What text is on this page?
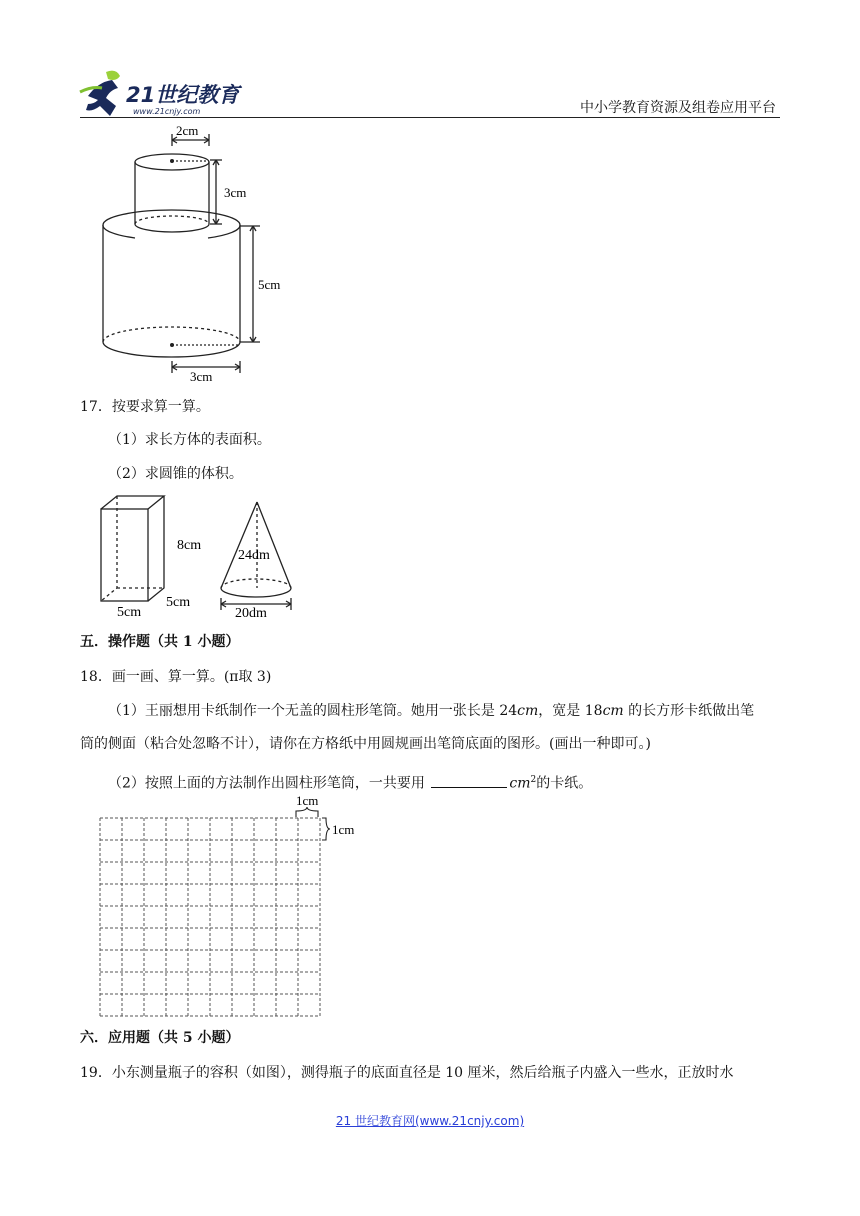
21世纪教育
www.21cnjy.com	中小学教育资源及组卷应用平台
2cm
3cm
5cm
3cm
17．按要求算一算。
（1）求长方体的表面积。
（2）求圆锥的体积。
8cm
5cm
5cm
24dm
20dm
五．操作题（共 1 小题）
18．画一画、算一算。(π取 3)
（1）王丽想用卡纸制作一个无盖的圆柱形笔筒。她用一张长是 24cm，宽是 18cm 的长方形卡纸做出笔
筒的侧面（粘合处忽略不计），请你在方格纸中用圆规画出笔筒底面的图形。(画出一种即可。)
（2）按照上面的方法制作出圆柱形笔筒，一共要用	$cm^2$的卡纸。
1cm
1cm
六．应用题（共 5 小题）
19．小东测量瓶子的容积（如图），测得瓶子的底面直径是 10 厘米，然后给瓶子内盛入一些水，正放时水
21 世纪教育网(www.21cnjy.com)
